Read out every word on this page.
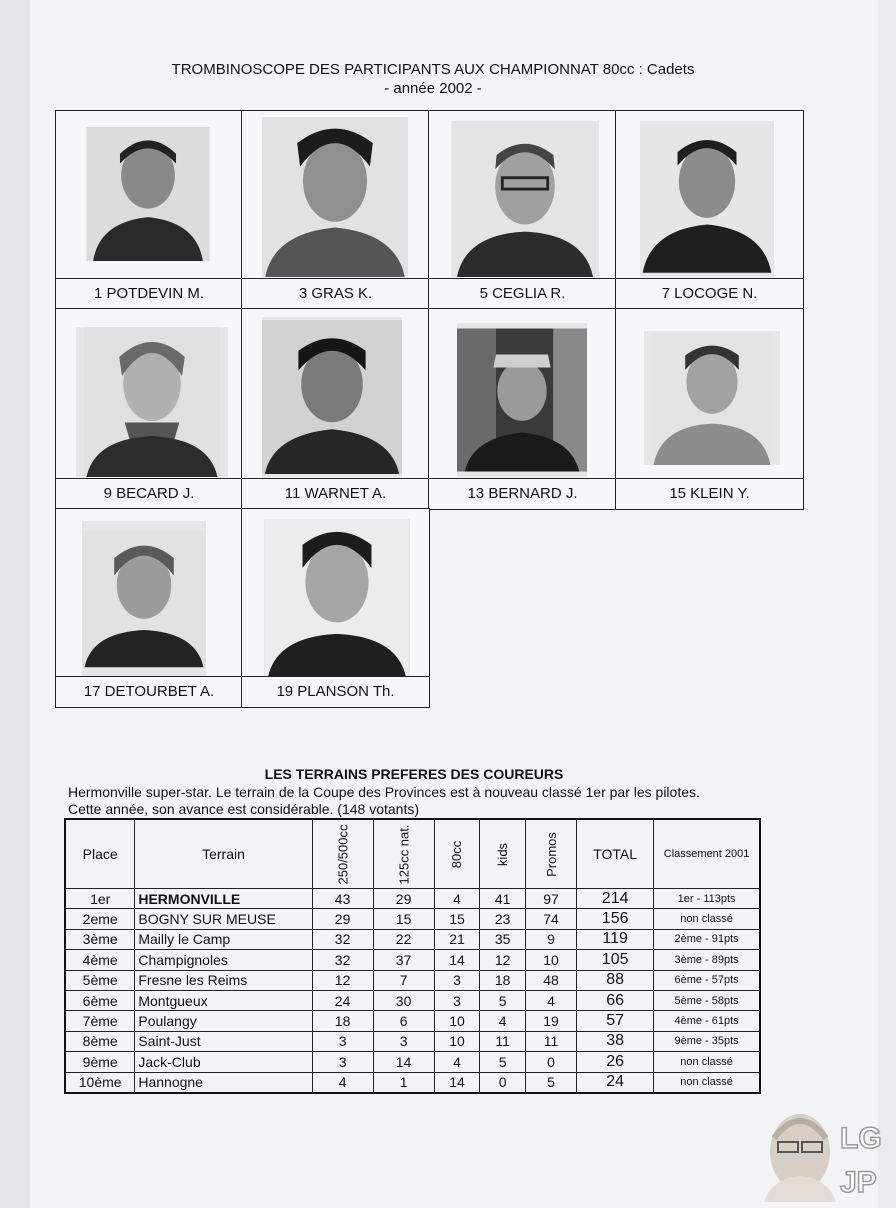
TROMBINOSCOPE DES PARTICIPANTS AUX CHAMPIONNAT 80cc : Cadets
- année 2002 -
1 POTDEVIN M.	3 GRAS K.	5 CEGLIA R.	7 LOCOGE N.
9 BECARD J.	11 WARNET A.	13 BERNARD J.	15 KLEIN Y.
17 DETOURBET A.	19 PLANSON Th.
LES TERRAINS PREFERES DES COUREURS
Hermonville super-star. Le terrain de la Coupe des Provinces est à nouveau classé 1er par les pilotes.
Cette année, son avance est considérable. (148 votants)
Place	Terrain	250/500cc	125cc nat.	80cc	kids	Promos	TOTAL	Classement 2001
1er	HERMONVILLE	43	29	4	41	97	214	1er - 113pts
2eme	BOGNY SUR MEUSE	29	15	15	23	74	156	non classé
3ème	Mailly le Camp	32	22	21	35	9	119	2ème - 91pts
4ème	Champignoles	32	37	14	12	10	105	3ème - 89pts
5ème	Fresne les Reims	12	7	3	18	48	88	6ème - 57pts
6ème	Montgueux	24	30	3	5	4	66	5ème - 58pts
7ème	Poulangy	18	6	10	4	19	57	4ème - 61pts
8ème	Saint-Just	3	3	10	11	11	38	9ème - 35pts
9ème	Jack-Club	3	14	4	5	0	26	non classé
10ème	Hannogne	4	1	14	0	5	24	non classé
LG
JP
